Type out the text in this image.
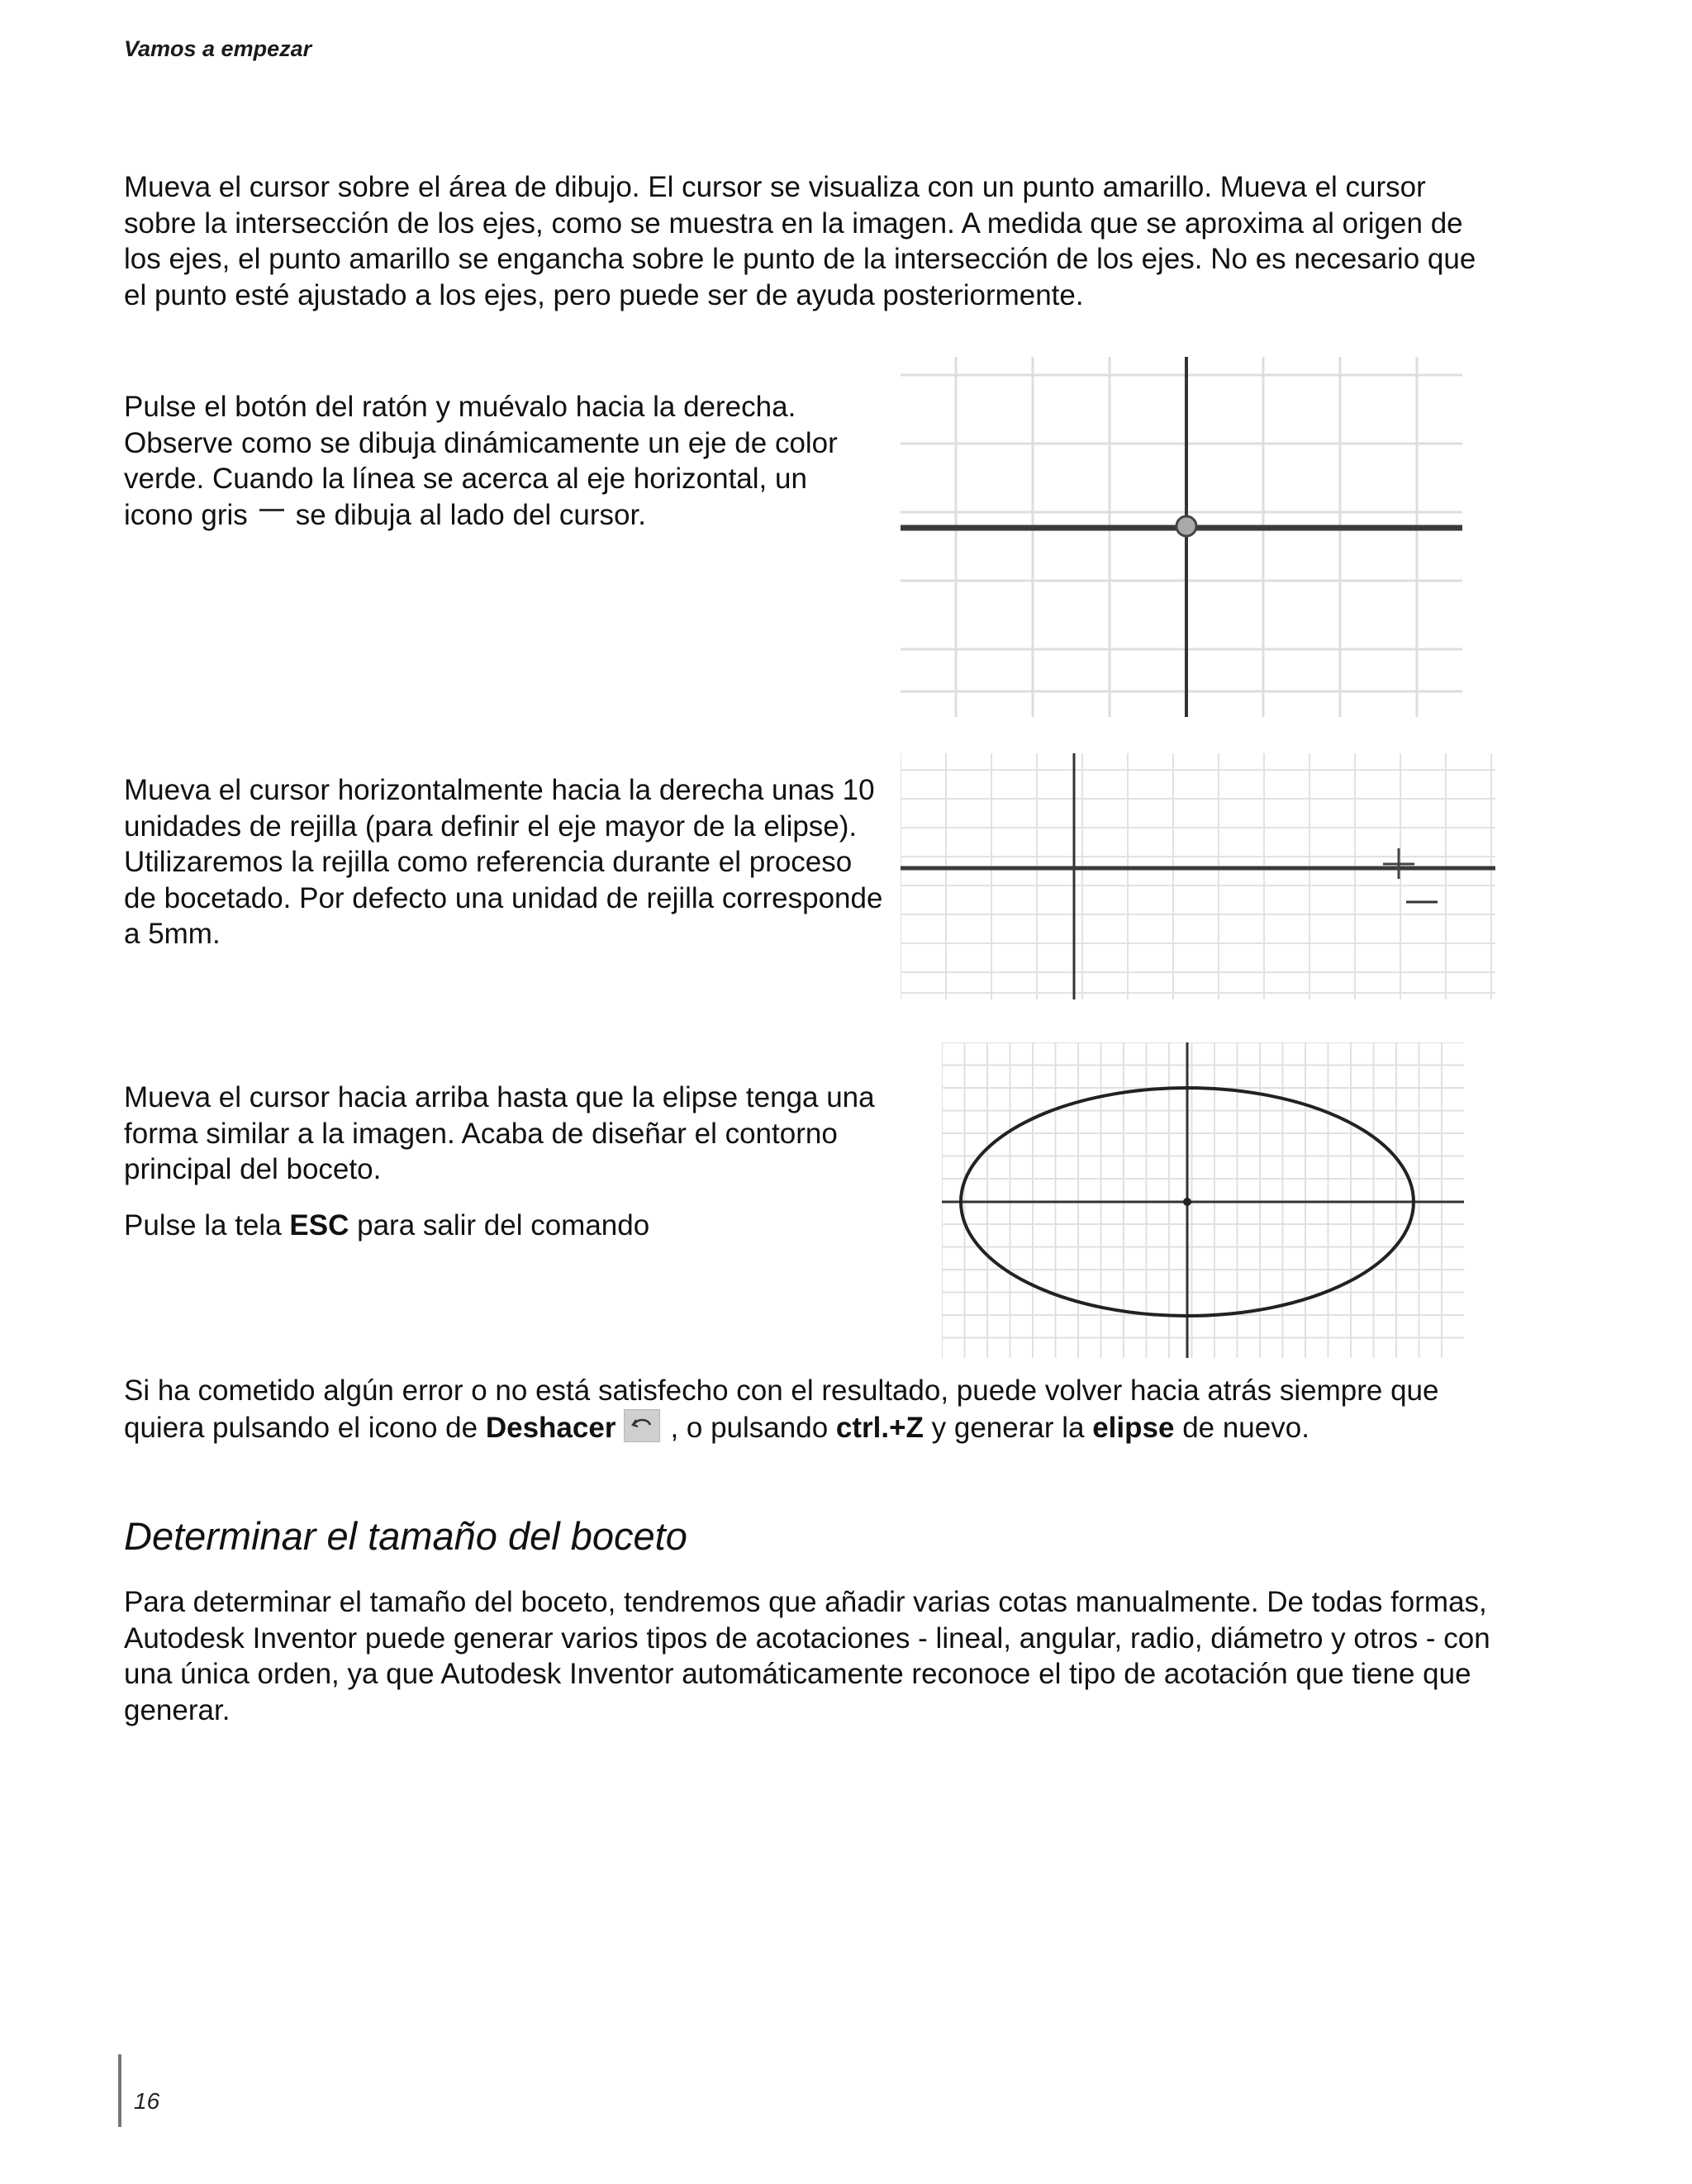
Vamos a empezar

Mueva el cursor sobre el área de dibujo. El cursor se visualiza con un punto amarillo. Mueva el cursor sobre la intersección de los ejes, como se muestra en la imagen. A medida que se aproxima al origen de los ejes, el punto amarillo se engancha sobre le punto de la intersección de los ejes. No es necesario que el punto esté ajustado a los ejes, pero puede ser de ayuda posteriormente.

Pulse el botón del ratón y muévalo hacia la derecha. Observe como se dibuja dinámicamente un eje de color verde. Cuando la línea se acerca al eje horizontal, un icono gris se dibuja al lado del cursor.

Mueva el cursor horizontalmente hacia la derecha unas 10 unidades de rejilla (para definir el eje mayor de la elipse). Utilizaremos la rejilla como referencia durante el proceso de bocetado. Por defecto una unidad de rejilla corresponde a 5mm.

Mueva el cursor hacia arriba hasta que la elipse tenga una forma similar a la imagen. Acaba de diseñar el contorno principal del boceto.

Pulse la tela ESC para salir del comando

Si ha cometido algún error o no está satisfecho con el resultado, puede volver hacia atrás siempre que quiera pulsando el icono de Deshacer , o pulsando ctrl.+Z y generar la elipse de nuevo.

Determinar el tamaño del boceto

Para determinar el tamaño del boceto, tendremos que añadir varias cotas manualmente. De todas formas, Autodesk Inventor puede generar varios tipos de acotaciones - lineal, angular, radio, diámetro y otros - con una única orden, ya que Autodesk Inventor automáticamente reconoce el tipo de acotación que tiene que generar.

16
